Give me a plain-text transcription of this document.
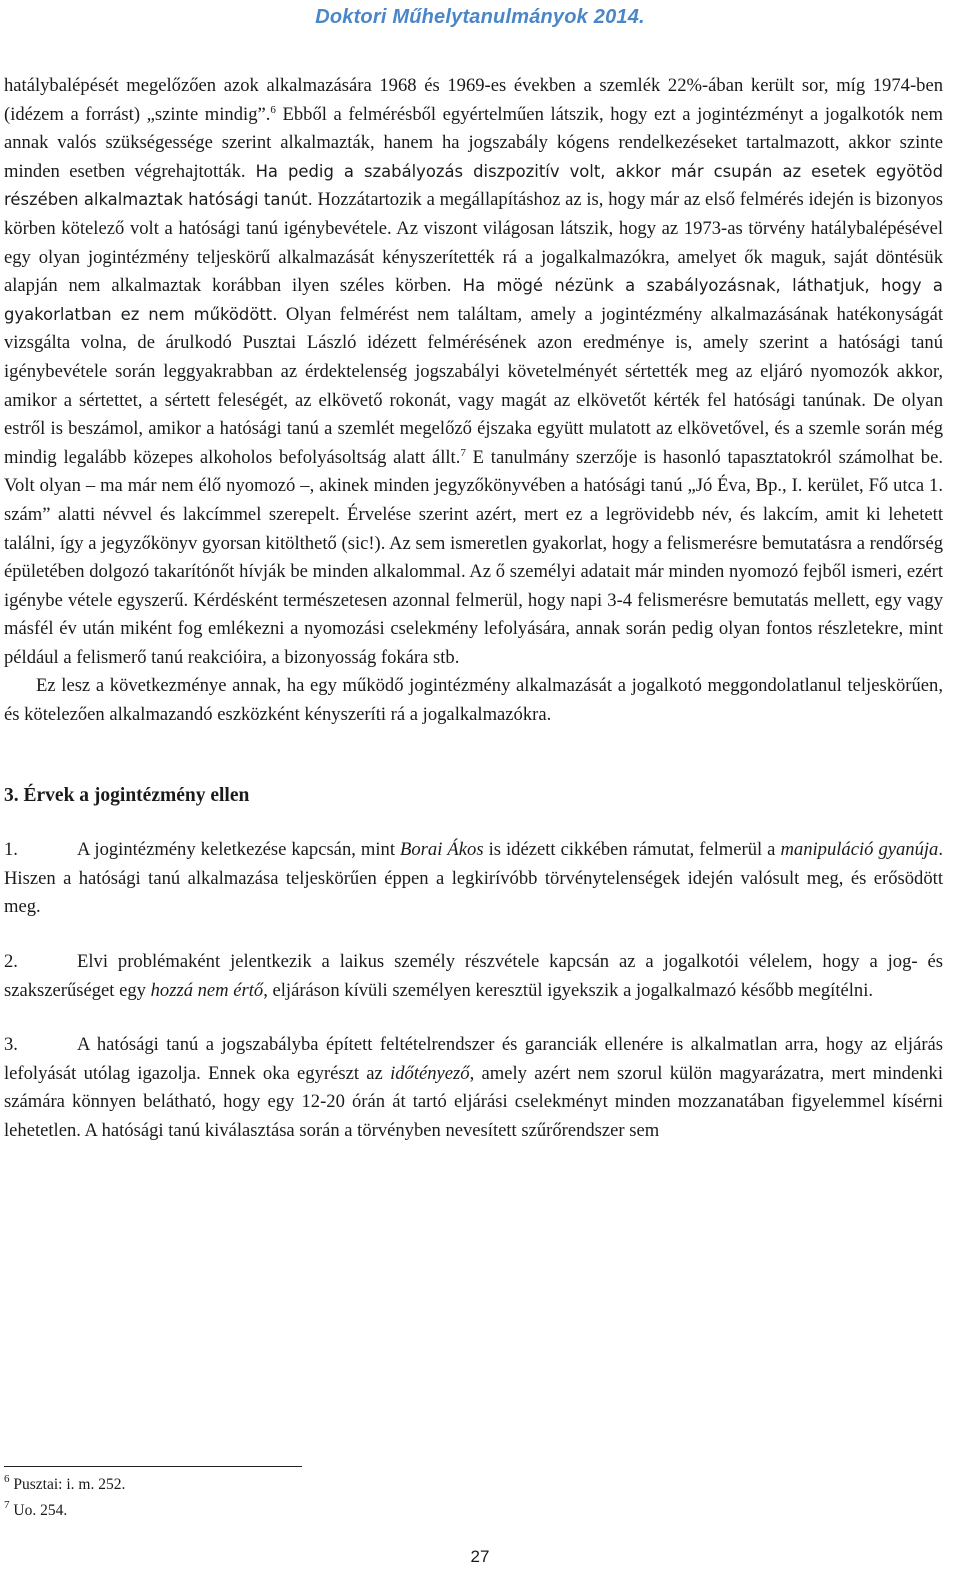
Doktori Műhelytanulmányok 2014.

hatálybalépését megelőzően azok alkalmazására 1968 és 1969-es években a szemlék 22%-ában került sor, míg 1974-ben (idézem a forrást) „szinte mindig”.$^6$ Ebből a felmérésből egyértelműen látszik, hogy ezt a jogintézményt a jogalkotók nem annak valós szükségessége szerint alkalmazták, hanem ha jogszabály kógens rendelkezéseket tartalmazott, akkor szinte minden esetben végrehajtották. Ha pedig a szabályozás diszpozitív volt, akkor már csupán az esetek egyötöd részében alkalmaztak hatósági tanút. Hozzátartozik a megállapításhoz az is, hogy már az első felmérés idején is bizonyos körben kötelező volt a hatósági tanú igénybevétele. Az viszont világosan látszik, hogy az 1973-as törvény hatálybalépésével egy olyan jogintézmény teljeskörű alkalmazását kényszerítették rá a jogalkalmazókra, amelyet ők maguk, saját döntésük alapján nem alkalmaztak korábban ilyen széles körben. Ha mögé nézünk a szabályozásnak, láthatjuk, hogy a gyakorlatban ez nem működött. Olyan felmérést nem találtam, amely a jogintézmény alkalmazásának hatékonyságát vizsgálta volna, de árulkodó Pusztai László idézett felmérésének azon eredménye is, amely szerint a hatósági tanú igénybevétele során leggyakrabban az érdektelenség jogszabályi követelményét sértették meg az eljáró nyomozók akkor, amikor a sértettet, a sértett feleségét, az elkövető rokonát, vagy magát az elkövetőt kérték fel hatósági tanúnak. De olyan estről is beszámol, amikor a hatósági tanú a szemlét megelőző éjszaka együtt mulatott az elkövetővel, és a szemle során még mindig legalább közepes alkoholos befolyásoltság alatt állt.$^7$ E tanulmány szerzője is hasonló tapasztatokról számolhat be. Volt olyan – ma már nem élő nyomozó –, akinek minden jegyzőkönyvében a hatósági tanú „Jó Éva, Bp., I. kerület, Fő utca 1. szám” alatti névvel és lakcímmel szerepelt. Érvelése szerint azért, mert ez a legrövidebb név, és lakcím, amit ki lehetett találni, így a jegyzőkönyv gyorsan kitölthető (sic!). Az sem ismeretlen gyakorlat, hogy a felismerésre bemutatásra a rendőrség épületében dolgozó takarítónőt hívják be minden alkalommal. Az ő személyi adatait már minden nyomozó fejből ismeri, ezért igénybe vétele egyszerű. Kérdésként természetesen azonnal felmerül, hogy napi 3-4 felismerésre bemutatás mellett, egy vagy másfél év után miként fog emlékezni a nyomozási cselekmény lefolyására, annak során pedig olyan fontos részletekre, mint például a felismerő tanú reakcióira, a bizonyosság fokára stb.

Ez lesz a következménye annak, ha egy működő jogintézmény alkalmazását a jogalkotó meggondolatlanul teljeskörűen, és kötelezően alkalmazandó eszközként kényszeríti rá a jogalkalmazókra.

3. Érvek a jogintézmény ellen

1.	A jogintézmény keletkezése kapcsán, mint Borai Ákos is idézett cikkében rámutat, felmerül a manipuláció gyanúja. Hiszen a hatósági tanú alkalmazása teljeskörűen éppen a legkirívóbb törvénytelenségek idején valósult meg, és erősödött meg.

2.	Elvi problémaként jelentkezik a laikus személy részvétele kapcsán az a jogalkotói vélelem, hogy a jog- és szakszerűséget egy hozzá nem értő, eljáráson kívüli személyen keresztül igyekszik a jogalkalmazó később megítélni.

3.	A hatósági tanú a jogszabályba épített feltételrendszer és garanciák ellenére is alkalmatlan arra, hogy az eljárás lefolyását utólag igazolja. Ennek oka egyrészt az időtényező, amely azért nem szorul külön magyarázatra, mert mindenki számára könnyen belátható, hogy egy 12-20 órán át tartó eljárási cselekményt minden mozzanatában figyelemmel kísérni lehetetlen. A hatósági tanú kiválasztása során a törvényben nevesített szűrőrendszer sem

$^6$ Pusztai: i. m. 252.
$^7$ Uo. 254.
27
